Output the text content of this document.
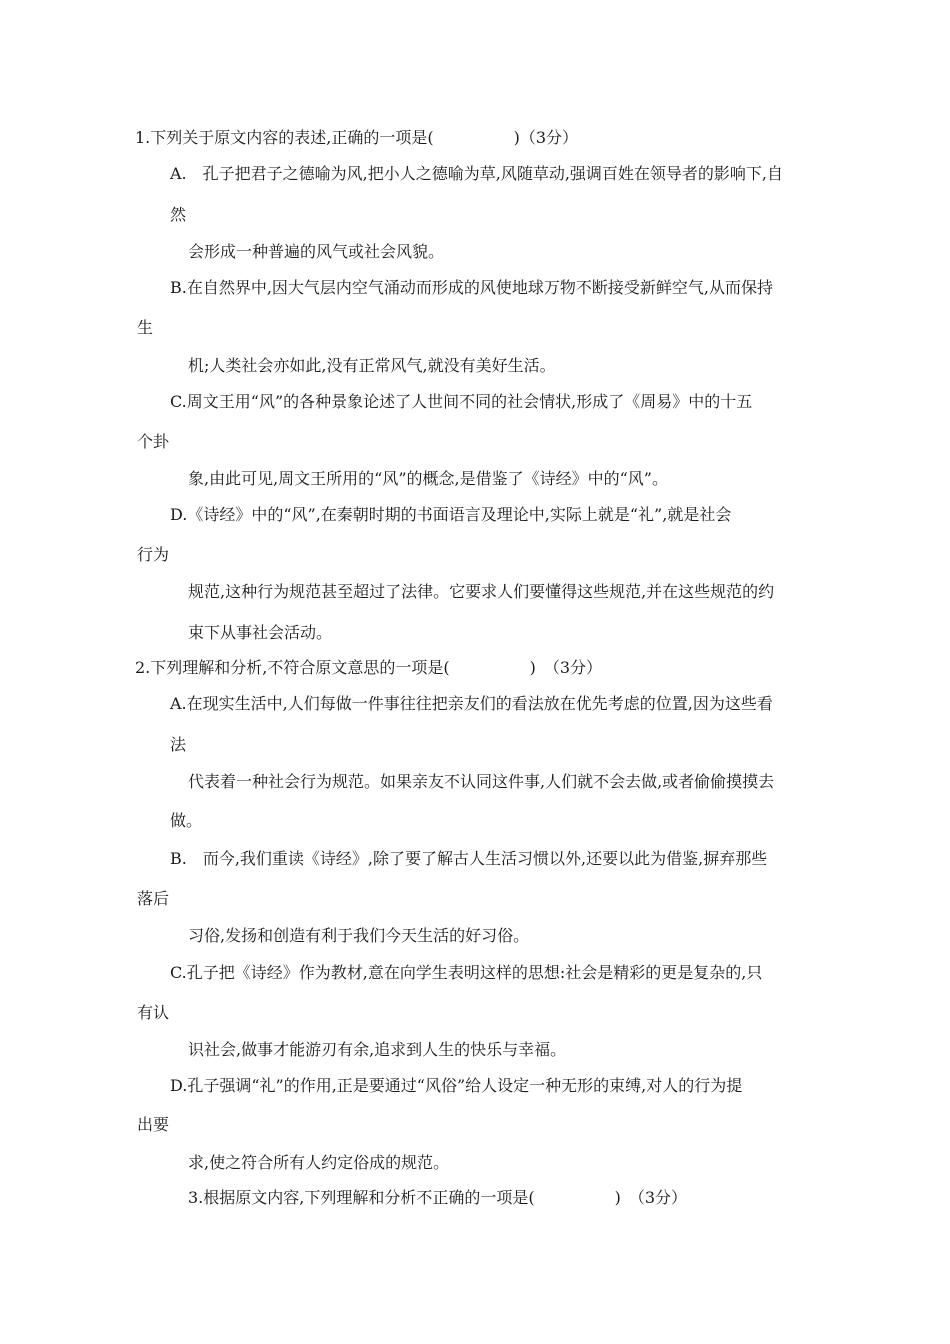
1.下列关于原文内容的表述,正确的一项是(　　　　　)（3分）
A.　孔子把君子之德喻为风,把小人之德喻为草,风随草动,强调百姓在领导者的影响下,自
然
会形成一种普遍的风气或社会风貌。
B.在自然界中,因大气层内空气涌动而形成的风使地球万物不断接受新鲜空气,从而保持
生
机;人类社会亦如此,没有正常风气,就没有美好生活。
C.周文王用“风”的各种景象论述了人世间不同的社会情状,形成了《周易》中的十五
个卦
象,由此可见,周文王所用的“风”的概念,是借鉴了《诗经》中的“风”。
D.《诗经》中的“风”,在秦朝时期的书面语言及理论中,实际上就是“礼”,就是社会
行为
规范,这种行为规范甚至超过了法律。它要求人们要懂得这些规范,并在这些规范的约
束下从事社会活动。
2.下列理解和分析,不符合原文意思的一项是(　　　　　)　（3分）
A.在现实生活中,人们每做一件事往往把亲友们的看法放在优先考虑的位置,因为这些看
法
代表着一种社会行为规范。如果亲友不认同这件事,人们就不会去做,或者偷偷摸摸去
做。
B.　而今,我们重读《诗经》,除了要了解古人生活习惯以外,还要以此为借鉴,摒弃那些
落后
习俗,发扬和创造有利于我们今天生活的好习俗。
C.孔子把《诗经》作为教材,意在向学生表明这样的思想:社会是精彩的更是复杂的,只
有认
识社会,做事才能游刃有余,追求到人生的快乐与幸福。
D.孔子强调“礼”的作用,正是要通过“风俗”给人设定一种无形的束缚,对人的行为提
出要
求,使之符合所有人约定俗成的规范。
3.根据原文内容,下列理解和分析不正确的一项是(　　　　　)　（3分）
